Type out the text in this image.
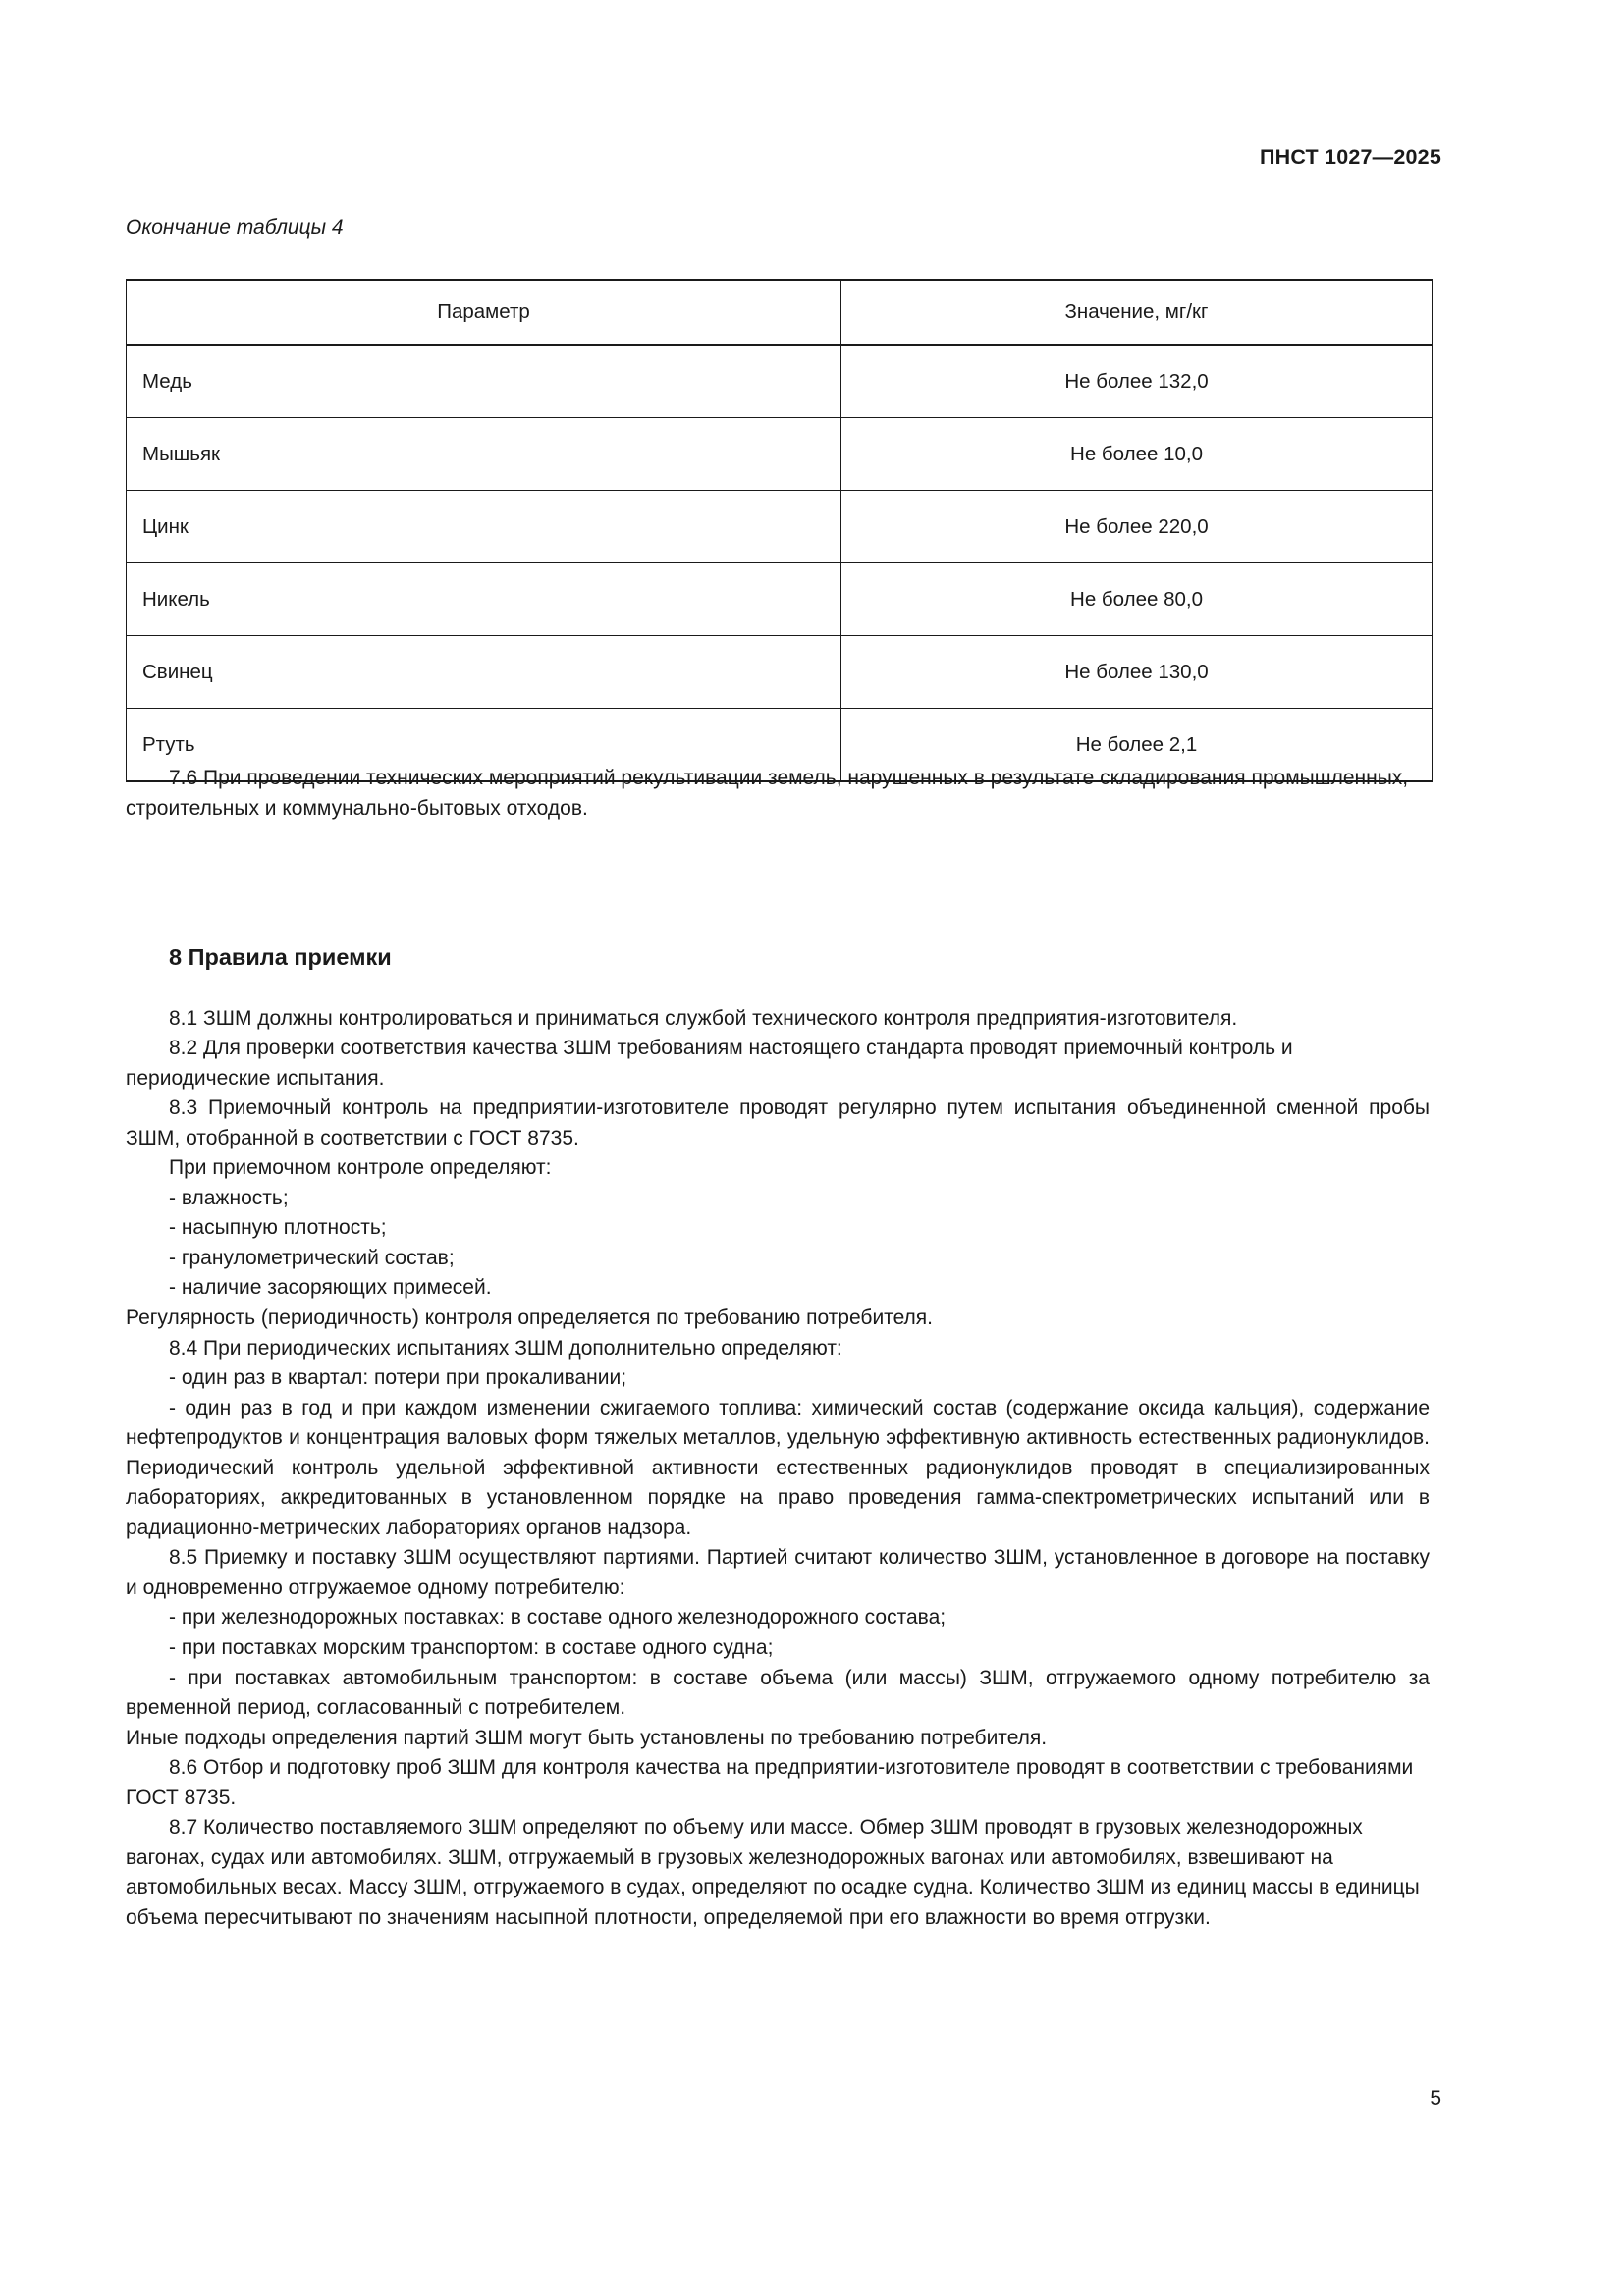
ПНСТ 1027—2025
Окончание таблицы 4
Параметр	Значение, мг/кг
Медь	Не более 132,0
Мышьяк	Не более 10,0
Цинк	Не более 220,0
Никель	Не более 80,0
Свинец	Не более 130,0
Ртуть	Не более 2,1

7.6 При проведении технических мероприятий рекультивации земель, нарушенных в результате складирования промышленных, строительных и коммунально-бытовых отходов.

8 Правила приемки

8.1 ЗШМ должны контролироваться и приниматься службой технического контроля предприятия-изготовителя.

8.2 Для проверки соответствия качества ЗШМ требованиям настоящего стандарта проводят приемочный контроль и периодические испытания.

8.3 Приемочный контроль на предприятии-изготовителе проводят регулярно путем испытания объединенной сменной пробы ЗШМ, отобранной в соответствии с ГОСТ 8735.

При приемочном контроле определяют:

- влажность;

- насыпную плотность;

- гранулометрический состав;

- наличие засоряющих примесей.

Регулярность (периодичность) контроля определяется по требованию потребителя.

8.4 При периодических испытаниях ЗШМ дополнительно определяют:

- один раз в квартал: потери при прокаливании;

- один раз в год и при каждом изменении сжигаемого топлива: химический состав (содержание оксида кальция), содержание нефтепродуктов и концентрация валовых форм тяжелых металлов, удельную эффективную активность естественных радионуклидов. Периодический контроль удельной эффективной активности естественных радионуклидов проводят в специализированных лабораториях, аккредитованных в установленном порядке на право проведения гамма-спектрометрических испытаний или в радиационно-метрических лабораториях органов надзора.

8.5 Приемку и поставку ЗШМ осуществляют партиями. Партией считают количество ЗШМ, установленное в договоре на поставку и одновременно отгружаемое одному потребителю:

- при железнодорожных поставках: в составе одного железнодорожного состава;

- при поставках морским транспортом: в составе одного судна;

- при поставках автомобильным транспортом: в составе объема (или массы) ЗШМ, отгружаемого одному потребителю за временной период, согласованный с потребителем.

Иные подходы определения партий ЗШМ могут быть установлены по требованию потребителя.

8.6 Отбор и подготовку проб ЗШМ для контроля качества на предприятии-изготовителе проводят в соответствии с требованиями ГОСТ 8735.

8.7 Количество поставляемого ЗШМ определяют по объему или массе. Обмер ЗШМ проводят в грузовых железнодорожных вагонах, судах или автомобилях. ЗШМ, отгружаемый в грузовых железнодорожных вагонах или автомобилях, взвешивают на автомобильных весах. Массу ЗШМ, отгружаемого в судах, определяют по осадке судна. Количество ЗШМ из единиц массы в единицы объема пересчитывают по значениям насыпной плотности, определяемой при его влажности во время отгрузки.

5
